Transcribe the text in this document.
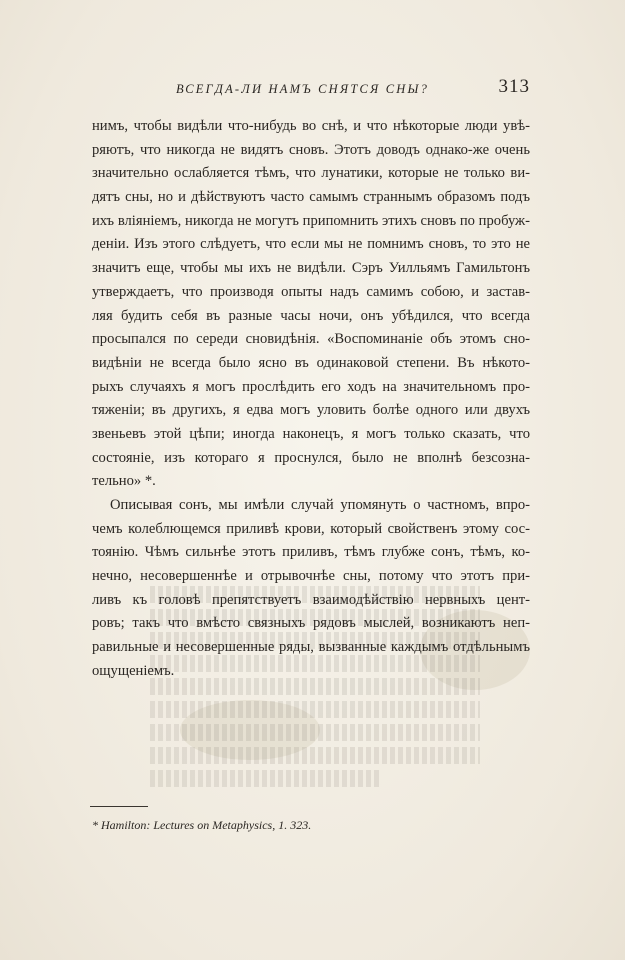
ВСЕГДА-ЛИ НАМЪ СНЯТСЯ СНЫ?	313
нимъ, чтобы видѣли что-нибудь во снѣ, и что нѣкоторые люди увѣ-
ряютъ, что никогда не видятъ сновъ. Этотъ доводъ однако-же очень
значительно ослабляется тѣмъ, что лунатики, которые не только ви-
дятъ сны, но и дѣйствуютъ часто самымъ страннымъ образомъ подъ
ихъ вліяніемъ, никогда не могутъ припомнить этихъ сновъ по пробуж-
деніи. Изъ этого слѣдуетъ, что если мы не помнимъ сновъ, то это не
значитъ еще, чтобы мы ихъ не видѣли. Сэръ Уилльямъ Гамильтонъ
утверждаетъ, что производя опыты надъ самимъ собою, и застав-
ляя будить себя въ разные часы ночи, онъ убѣдился, что всегда
просыпался по середи сновидѣнія. «Воспоминаніе объ этомъ сно-
видѣніи не всегда было ясно въ одинаковой степени. Въ нѣкото-
рыхъ случаяхъ я могъ прослѣдить его ходъ на значительномъ про-
тяженіи; въ другихъ, я едва могъ уловить болѣе одного или двухъ
звеньевъ этой цѣпи; иногда наконецъ, я могъ только сказать, что
состояніе, изъ котораго я проснулся, было не вполнѣ безсозна-
тельно» *.
Описывая сонъ, мы имѣли случай упомянуть о частномъ, впро-
чемъ колеблющемся приливѣ крови, который свойственъ этому сос-
тоянію. Чѣмъ сильнѣе этотъ приливъ, тѣмъ глубже сонъ, тѣмъ, ко-
нечно, несовершеннѣе и отрывочнѣе сны, потому что этотъ при-
ливъ къ головѣ препятствуетъ взаимодѣйствію нервныхъ цент-
ровъ; такъ что вмѣсто связныхъ рядовъ мыслей, возникаютъ неп-
равильные и несовершенные ряды, вызванные каждымъ отдѣльнымъ
ощущеніемъ.
* Hamilton: Lectures on Metaphysics, 1. 323.
